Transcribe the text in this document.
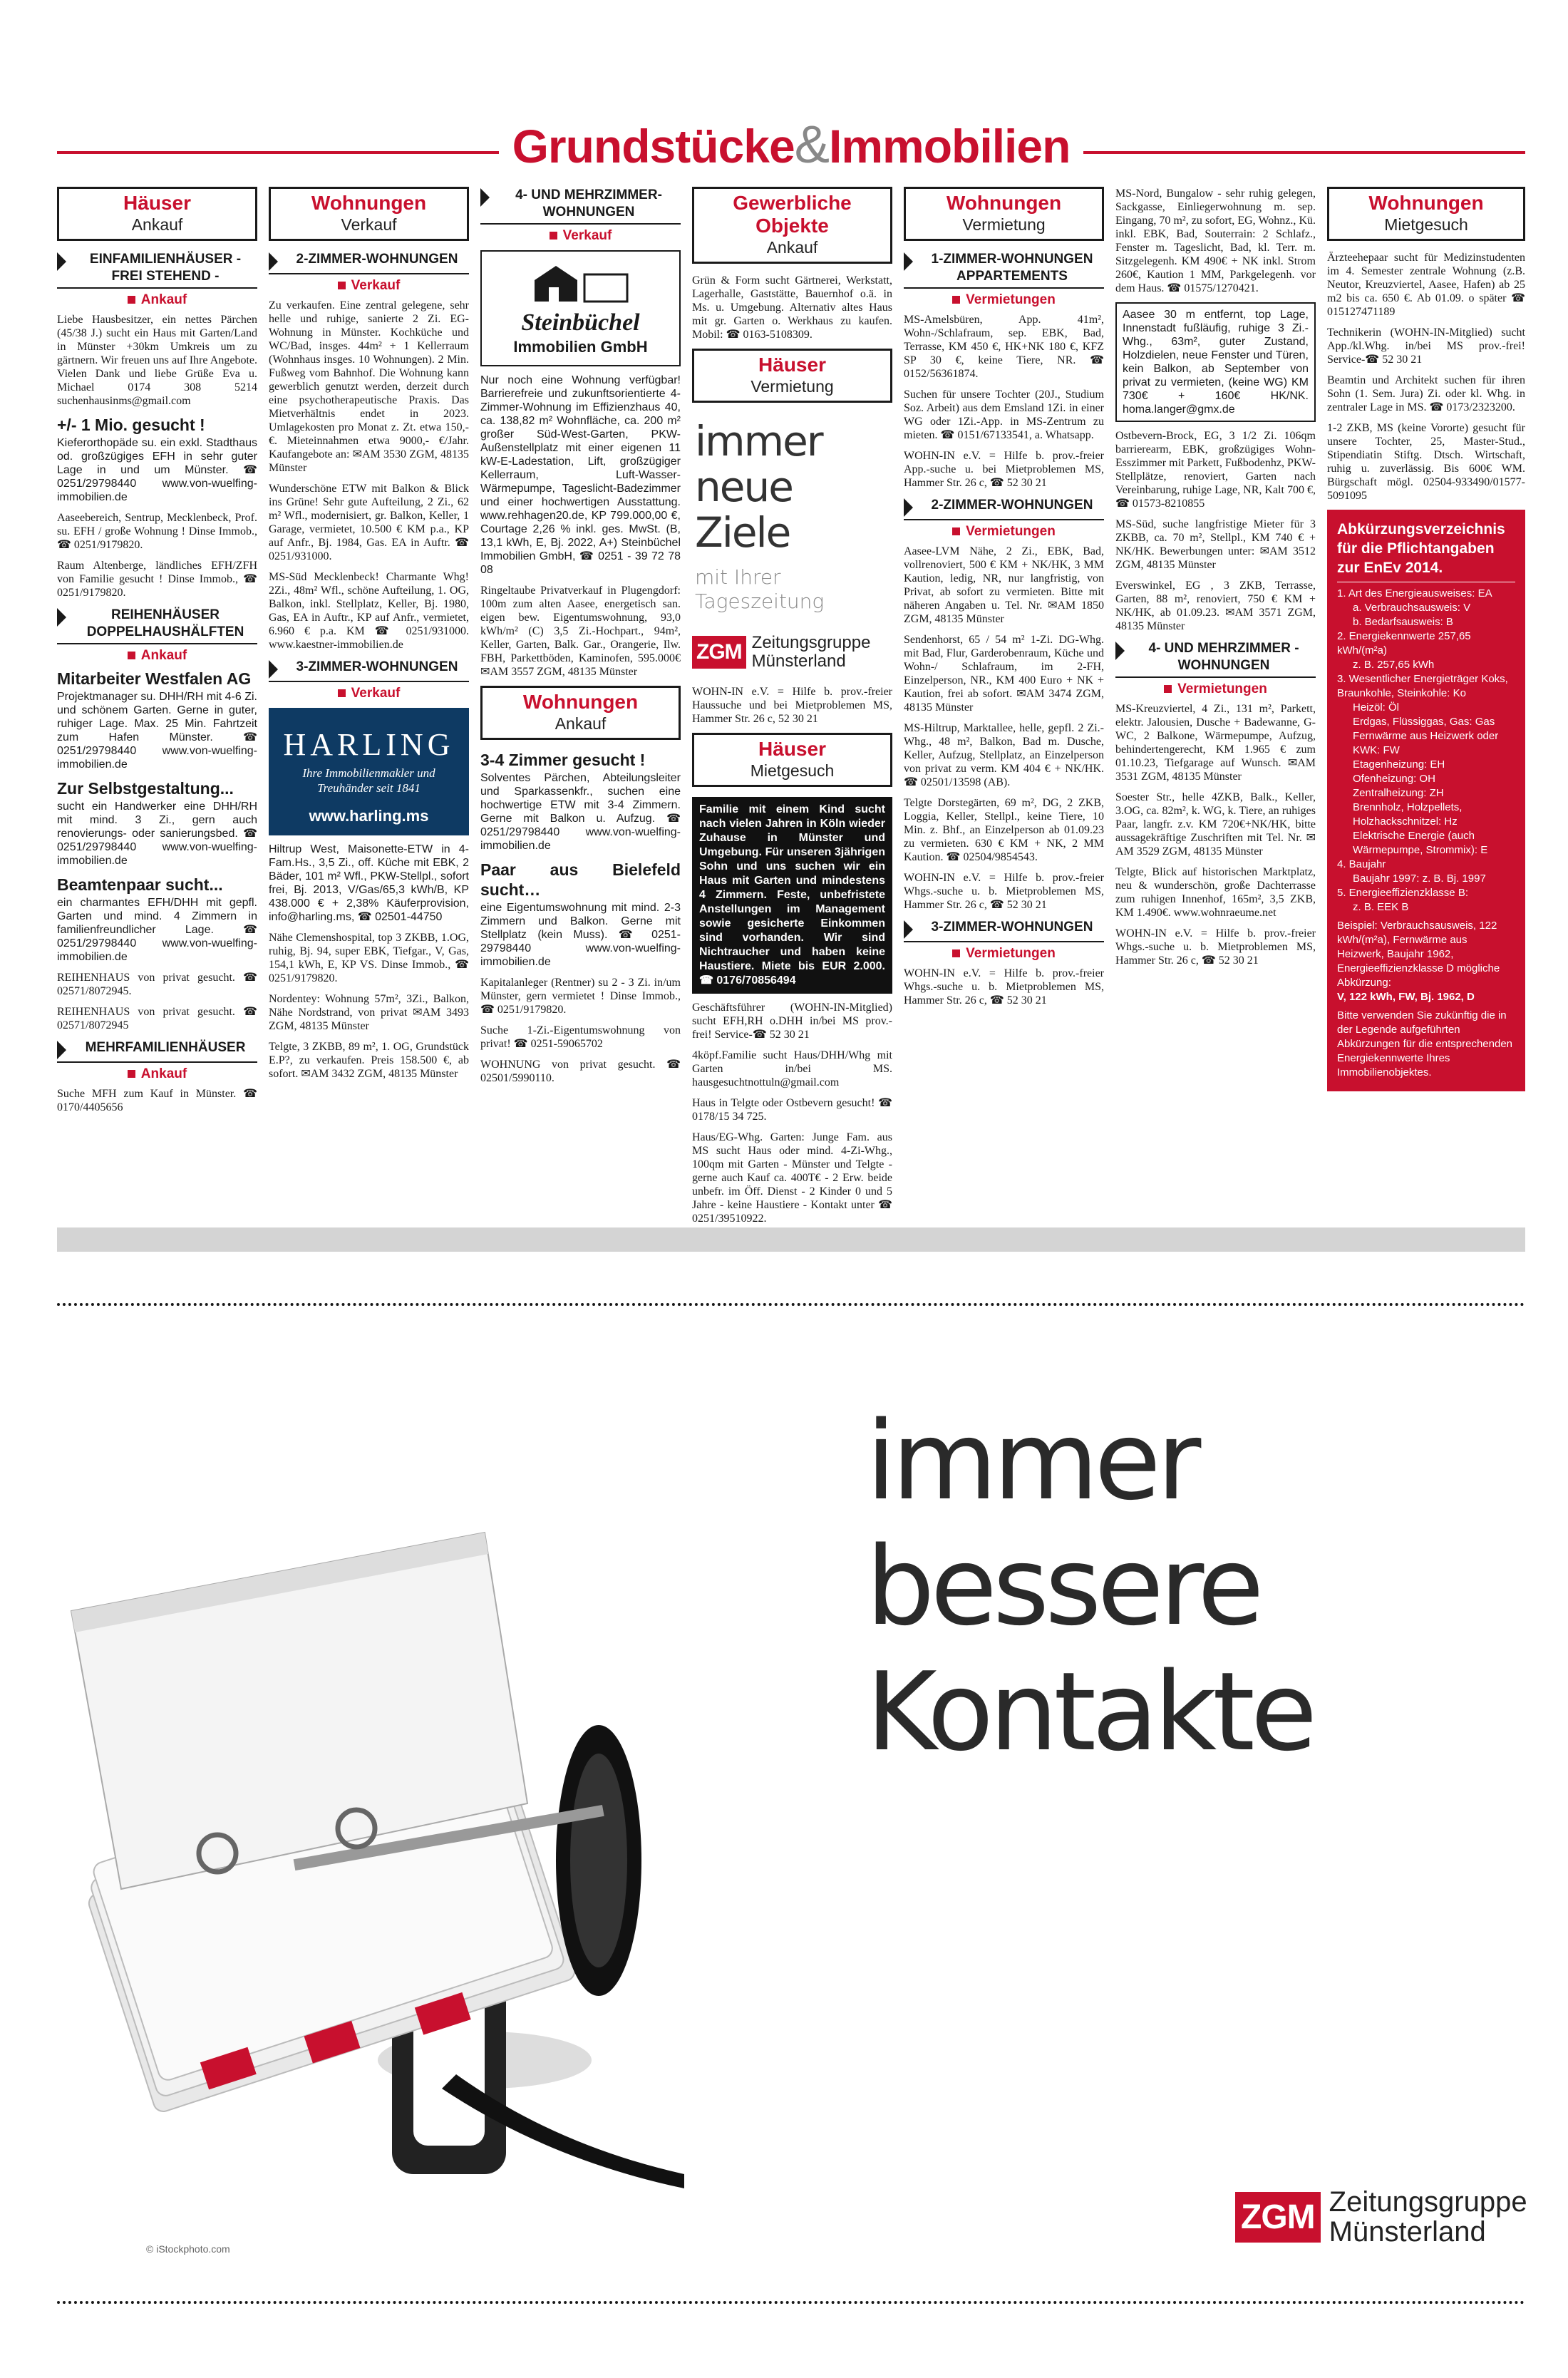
Grundstücke&Immobilien
Häuser
Ankauf
EINFAMILIENHÄUSER - FREI STEHEND -
Ankauf
Liebe Hausbesitzer, ein nettes Pärchen (45/38 J.) sucht ein Haus mit Garten/Land in Münster +30km Umkreis um zu gärtnern. Wir freuen uns auf Ihre Angebote. Vielen Dank und liebe Grüße Eva u. Michael 0174 308 5214 suchenhausinms@gmail.com
+/- 1 Mio. gesucht !
Kieferorthopäde su. ein exkl. Stadthaus od. großzügiges EFH in sehr guter Lage in und um Münster. ☎ 0251/29798440 www.von-wuelfing-immobilien.de
Aaseebereich, Sentrup, Mecklenbeck, Prof. su. EFH / große Wohnung ! Dinse Immob., ☎ 0251/9179820.
Raum Altenberge, ländliches EFH/ZFH von Familie gesucht ! Dinse Immob., ☎ 0251/9179820.
REIHENHÄUSER DOPPELHAUSHÄLFTEN
Ankauf
Mitarbeiter Westfalen AG
Projektmanager su. DHH/RH mit 4-6 Zi. und schönem Garten. Gerne in guter, ruhiger Lage. Max. 25 Min. Fahrtzeit zum Hafen Münster. ☎ 0251/29798440 www.von-wuelfing-immobilien.de
Zur Selbstgestaltung...
sucht ein Handwerker eine DHH/RH mit mind. 3 Zi., gern auch renovierungs- oder sanierungsbed. ☎ 0251/29798440 www.von-wuelfing-immobilien.de
Beamtenpaar sucht...
ein charmantes EFH/DHH mit gepfl. Garten und mind. 4 Zimmern in familienfreundlicher Lage. ☎ 0251/29798440 www.von-wuelfing-immobilien.de
REIHENHAUS von privat gesucht. ☎ 02571/8072945.
REIHENHAUS von privat gesucht. ☎ 02571/8072945
MEHRFAMILIENHÄUSER
Ankauf
Suche MFH zum Kauf in Münster. ☎ 0170/4405656
Wohnungen
Verkauf
2-ZIMMER-WOHNUNGEN
Verkauf
Zu verkaufen. Eine zentral gelegene, sehr helle und ruhige, sanierte 2 Zi. EG-Wohnung in Münster. Kochküche und WC/Bad, insges. 44m² + 1 Kellerraum (Wohnhaus insges. 10 Wohnungen). 2 Min. Fußweg vom Bahnhof. Die Wohnung kann gewerblich genutzt werden, derzeit durch eine psychotherapeutische Praxis. Das Mietverhältnis endet in 2023. Umlagekosten pro Monat z. Zt. etwa 150,- €. Mieteinnahmen etwa 9000,- €/Jahr. Kaufangebote an: ✉AM 3530 ZGM, 48135 Münster
Wunderschöne ETW mit Balkon & Blick ins Grüne! Sehr gute Aufteilung, 2 Zi., 62 m² Wfl., modernisiert, gr. Balkon, Keller, 1 Garage, vermietet, 10.500 € KM p.a., KP auf Anfr., Bj. 1984, Gas. EA in Auftr. ☎ 0251/931000.
MS-Süd Mecklenbeck! Charmante Whg! 2Zi., 48m² Wfl., schöne Aufteilung, 1. OG, Balkon, inkl. Stellplatz, Keller, Bj. 1980, Gas, EA in Auftr., KP auf Anfr., vermietet, 6.960 € p.a. KM ☎ 0251/931000. www.kaestner-immobilien.de
3-ZIMMER-WOHNUNGEN
Verkauf
HARLING
Ihre Immobilienmakler und Treuhänder seit 1841
www.harling.ms
Hiltrup West, Maisonette-ETW in 4-Fam.Hs., 3,5 Zi., off. Küche mit EBK, 2 Bäder, 101 m² Wfl., PKW-Stellpl., sofort frei, Bj. 2013, V/Gas/65,3 kWh/B, KP 438.000 € + 2,38% Käuferprovision, info@harling.ms, ☎ 02501-44750
Nähe Clemenshospital, top 3 ZKBB, 1.OG, ruhig, Bj. 94, super EBK, Tiefgar., V, Gas, 154,1 kWh, E, KP VS. Dinse Immob., ☎ 0251/9179820.
Nordentey: Wohnung 57m², 3Zi., Balkon, Nähe Nordstrand, von privat ✉AM 3493 ZGM, 48135 Münster
Telgte, 3 ZKBB, 89 m², 1. OG, Grundstück E.P?, zu verkaufen. Preis 158.500 €, ab sofort. ✉AM 3432 ZGM, 48135 Münster
4- UND MEHRZIMMER-WOHNUNGEN
Verkauf
Steinbüchel
Immobilien GmbH
Nur noch eine Wohnung verfügbar! Barrierefreie und zukunftsorientierte 4-Zimmer-Wohnung im Effizienzhaus 40, ca. 138,82 m² Wohnfläche, ca. 200 m² großer Süd-West-Garten, PKW-Außenstellplatz mit einer eigenen 11 kW-E-Ladestation, Lift, großzügiger Kellerraum, Luft-Wasser-Wärmepumpe, Tageslicht-Badezimmer und einer hochwertigen Ausstattung. www.rehhagen20.de, KP 799.000,00 €, Courtage 2,26 % inkl. ges. MwSt. (B, 13,1 kWh, E, Bj. 2022, A+) Steinbüchel Immobilien GmbH, ☎ 0251 - 39 72 78 08
Ringeltaube Privatverkauf in Plugengdorf: 100m zum alten Aasee, energetisch san. eigen bew. Eigentumswohnung, 93,0 kWh/m² (C) 3,5 Zi.-Hochpart., 94m², Keller, Garten, Balk. Gar., Orangerie, Ilw. FBH, Parkettböden, Kaminofen, 595.000€ ✉AM 3557 ZGM, 48135 Münster
Wohnungen
Ankauf
3-4 Zimmer gesucht !
Solventes Pärchen, Abteilungsleiter und Sparkassenkfr., suchen eine hochwertige ETW mit 3-4 Zimmern. Gerne mit Balkon u. Aufzug. ☎ 0251/29798440 www.von-wuelfing-immobilien.de
Paar aus Bielefeld sucht…
eine Eigentumswohnung mit mind. 2-3 Zimmern und Balkon. Gerne mit Stellplatz (kein Muss). ☎ 0251-29798440 www.von-wuelfing-immobilien.de
Kapitalanleger (Rentner) su 2 - 3 Zi. in/um Münster, gern vermietet ! Dinse Immob., ☎ 0251/9179820.
Suche 1-Zi.-Eigentumswohnung von privat! ☎ 0251-59065702
WOHNUNG von privat gesucht. ☎ 02501/5990110.
Gewerbliche Objekte
Ankauf
Grün & Form sucht Gärtnerei, Werkstatt, Lagerhalle, Gaststätte, Bauernhof o.ä. in Ms. u. Umgebung. Alternativ altes Haus mit gr. Garten o. Werkhaus zu kaufen. Mobil: ☎ 0163-5108309.
Häuser
Vermietung
immer
neue Ziele
mit Ihrer
Tageszeitung
ZGM Zeitungsgruppe
Münsterland
WOHN-IN e.V. = Hilfe b. prov.-freier Haussuche und bei Mietproblemen MS, Hammer Str. 26 c, 52 30 21
Häuser
Mietgesuch
Familie mit einem Kind sucht nach vielen Jahren in Köln wieder Zuhause in Münster und Umgebung. Für unseren 3jährigen Sohn und uns suchen wir ein Haus mit Garten und mindestens 4 Zimmern. Feste, unbefristete Anstellungen im Management sowie gesicherte Einkommen sind vorhanden. Wir sind Nichtraucher und haben keine Haustiere. Miete bis EUR 2.000. ☎ 0176/70856494
Geschäftsführer (WOHN-IN-Mitglied) sucht EFH,RH o.DHH in/bei MS prov.-frei! Service-☎ 52 30 21
4köpf.Familie sucht Haus/DHH/Whg mit Garten in/bei MS. hausgesuchtnottuln@gmail.com
Haus in Telgte oder Ostbevern gesucht! ☎ 0178/15 34 725.
Haus/EG-Whg. Garten: Junge Fam. aus MS sucht Haus oder mind. 4-Zi-Whg., 100qm mit Garten - Münster und Telgte - gerne auch Kauf ca. 400T€ - 2 Erw. beide unbefr. im Öff. Dienst - 2 Kinder 0 und 5 Jahre - keine Haustiere - Kontakt unter ☎ 0251/39510922.
Wohnungen
Vermietung
1-ZIMMER-WOHNUNGEN APPARTEMENTS
Vermietungen
MS-Amelsbüren, App. 41m², Wohn-/Schlafraum, sep. EBK, Bad, Terrasse, KM 450 €, HK+NK 180 €, KFZ SP 30 €, keine Tiere, NR. ☎ 0152/56361874.
Suchen für unsere Tochter (20J., Studium Soz. Arbeit) aus dem Emsland 1Zi. in einer WG oder 1Zi.-App. in MS-Zentrum zu mieten. ☎ 0151/67133541, a. Whatsapp.
WOHN-IN e.V. = Hilfe b. prov.-freier App.-suche u. bei Mietproblemen MS, Hammer Str. 26 c, ☎ 52 30 21
2-ZIMMER-WOHNUNGEN
Vermietungen
Aasee-LVM Nähe, 2 Zi., EBK, Bad, vollrenoviert, 500 € KM + NK/HK, 3 MM Kaution, ledig, NR, nur langfristig, von Privat, ab sofort zu vermieten. Bitte mit näheren Angaben u. Tel. Nr. ✉AM 1850 ZGM, 48135 Münster
Sendenhorst, 65 / 54 m² 1-Zi. DG-Whg. mit Bad, Flur, Garderobenraum, Küche und Wohn-/ Schlafraum, im 2-FH, Einzelperson, NR., KM 400 Euro + NK + Kaution, frei ab sofort. ✉AM 3474 ZGM, 48135 Münster
MS-Hiltrup, Marktallee, helle, gepfl. 2 Zi.-Whg., 48 m², Balkon, Bad m. Dusche, Keller, Aufzug, Stellplatz, an Einzelperson von privat zu verm. KM 404 € + NK/HK. ☎ 02501/13598 (AB).
Telgte Dorstegärten, 69 m², DG, 2 ZKB, Loggia, Keller, Stellpl., keine Tiere, 10 Min. z. Bhf., an Einzelperson ab 01.09.23 zu vermieten. 630 € KM + NK, 2 MM Kaution. ☎ 02504/9854543.
WOHN-IN e.V. = Hilfe b. prov.-freier Whgs.-suche u. b. Mietproblemen MS, Hammer Str. 26 c, ☎ 52 30 21
3-ZIMMER-WOHNUNGEN
Vermietungen
WOHN-IN e.V. = Hilfe b. prov.-freier Whgs.-suche u. b. Mietproblemen MS, Hammer Str. 26 c, ☎ 52 30 21
MS-Nord, Bungalow - sehr ruhig gelegen, Sackgasse, Einliegerwohnung m. sep. Eingang, 70 m², zu sofort, EG, Wohnz., Kü. inkl. EBK, Bad, Souterrain: 2 Schlafz., Fenster m. Tageslicht, Bad, kl. Terr. m. Sitzgelegenh. KM 490€ + NK inkl. Strom 260€, Kaution 1 MM, Parkgelegenh. vor dem Haus. ☎ 01575/1270421.
Aasee 30 m entfernt, top Lage, Innenstadt fußläufig, ruhige 3 Zi.-Whg., 63m², guter Zustand, Holzdielen, neue Fenster und Türen, kein Balkon, ab September von privat zu vermieten, (keine WG) KM 730€ + 160€ HK/NK. homa.langer@gmx.de
Ostbevern-Brock, EG, 3 1/2 Zi. 106qm barrierearm, EBK, großzügiges Wohn-Esszimmer mit Parkett, Fußbodenhz, PKW-Stellplätze, renoviert, Garten nach Vereinbarung, ruhige Lage, NR, Kalt 700 €, ☎ 01573-8210855
MS-Süd, suche langfristige Mieter für 3 ZKBB, ca. 70 m², Stellpl., KM 740 € + NK/HK. Bewerbungen unter: ✉AM 3512 ZGM, 48135 Münster
Everswinkel, EG , 3 ZKB, Terrasse, Garten, 88 m², renoviert, 750 € KM + NK/HK, ab 01.09.23. ✉AM 3571 ZGM, 48135 Münster
4- UND MEHRZIMMER - WOHNUNGEN
Vermietungen
MS-Kreuzviertel, 4 Zi., 131 m², Parkett, elektr. Jalousien, Dusche + Badewanne, G-WC, 2 Balkone, Wärmepumpe, Aufzug, behindertengerecht, KM 1.965 € zum 01.10.23, Tiefgarage auf Wunsch. ✉AM 3531 ZGM, 48135 Münster
Soester Str., helle 4ZKB, Balk., Keller, 3.OG, ca. 82m², k. WG, k. Tiere, an ruhiges Paar, langfr. z.v. KM 720€+NK/HK, bitte aussagekräftige Zuschriften mit Tel. Nr. ✉AM 3529 ZGM, 48135 Münster
Telgte, Blick auf historischen Marktplatz, neu & wunderschön, große Dachterrasse zum ruhigen Innenhof, 165m², 3,5 ZKB, KM 1.490€. www.wohnraeume.net
WOHN-IN e.V. = Hilfe b. prov.-freier Whgs.-suche u. b. Mietproblemen MS, Hammer Str. 26 c, ☎ 52 30 21
Wohnungen
Mietgesuch
Ärzteehepaar sucht für Medizinstudenten im 4. Semester zentrale Wohnung (z.B. Neutor, Kreuzviertel, Aasee, Hafen) ab 25 m2 bis ca. 650 €. Ab 01.09. o später ☎ 015127471189
Technikerin (WOHN-IN-Mitglied) sucht App./kl.Whg. in/bei MS prov.-frei! Service-☎ 52 30 21
Beamtin und Architekt suchen für ihren Sohn (1. Sem. Jura) Zi. oder kl. Whg. in zentraler Lage in MS. ☎ 0173/2323200.
1-2 ZKB, MS (keine Vororte) gesucht für unsere Tochter, 25, Master-Stud., Stipendiatin Stiftg. Dtsch. Wirtschaft, ruhig u. zuverlässig. Bis 600€ WM. Bürgschaft mögl. 02504-933490/01577-5091095
Abkürzungsverzeichnis für die Pflichtangaben zur EnEv 2014.
1. Art des Energieausweises: EA
a. Verbrauchsausweis: V
b. Bedarfsausweis: B
2. Energiekennwerte 257,65 kWh/(m²a)
z. B. 257,65 kWh
3. Wesentlicher Energieträger Koks, Braunkohle, Steinkohle: Ko
Heizöl: Öl
Erdgas, Flüssiggas, Gas: Gas
Fernwärme aus Heizwerk oder KWK: FW
Etagenheizung: EH
Ofenheizung: OH
Zentralheizung: ZH
Brennholz, Holzpellets, Holzhackschnitzel: Hz
Elektrische Energie (auch Wärmepumpe, Strommix): E
4. Baujahr
Baujahr 1997: z. B. Bj. 1997
5. Energieeffizienzklasse B:
z. B. EEK B
Beispiel: Verbrauchsausweis, 122 kWh/(m²a), Fernwärme aus Heizwerk, Baujahr 1962, Energieeffizienzklasse D mögliche Abkürzung:
V, 122 kWh, FW, Bj. 1962, D
Bitte verwenden Sie zukünftig die in der Legende aufgeführten Abkürzungen für die entsprechenden Energiekennwerte Ihres Immobilienobjektes.
© iStockphoto.com
immer
bessere
Kontakte
ZGM Zeitungsgruppe
Münsterland
